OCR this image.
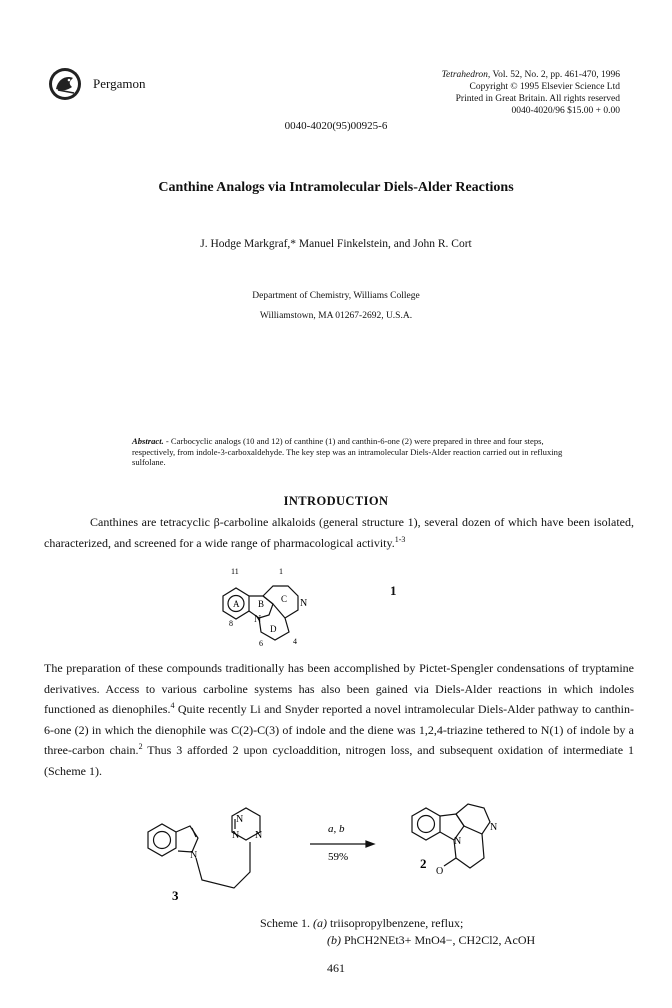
Pergamon
Tetrahedron, Vol. 52, No. 2, pp. 461-470, 1996
Copyright © 1995 Elsevier Science Ltd
Printed in Great Britain. All rights reserved
0040-4020/96 $15.00 + 0.00
0040-4020(95)00925-6
Canthine Analogs via Intramolecular Diels-Alder Reactions
J. Hodge Markgraf,* Manuel Finkelstein, and John R. Cort
Department of Chemistry, Williams College
Williamstown, MA 01267-2692, U.S.A.
Abstract. - Carbocyclic analogs (10 and 12) of canthine (1) and canthin-6-one (2) were prepared in three and four steps, respectively, from indole-3-carboxaldehyde. The key step was an intramolecular Diels-Alder reaction carried out in refluxing sulfolane.
INTRODUCTION
Canthines are tetracyclic β-carboline alkaloids (general structure 1), several dozen of which have been isolated, characterized, and screened for a wide range of pharmacological activity.$^{1-3}$
A B C
D
N
N
11	1
8
6	4
1
The preparation of these compounds traditionally has been accomplished by Pictet-Spengler condensations of tryptamine derivatives. Access to various carboline systems has also been gained via Diels-Alder reactions in which indoles functioned as dienophiles.$^4$ Quite recently Li and Snyder reported a novel intramolecular Diels-Alder pathway to canthin-6-one (2) in which the dienophile was C(2)-C(3) of indole and the diene was 1,2,4-triazine tethered to N(1) of indole by a three-carbon chain.$^2$ Thus 3 afforded 2 upon cycloaddition, nitrogen loss, and subsequent oxidation of intermediate 1 (Scheme 1).
N
N N
N
a, b
59%
N
N
O
3
2
Scheme 1. (a) triisopropylbenzene, reflux;
(b) PhCH2NEt3+ MnO4−, CH2Cl2, AcOH
461
